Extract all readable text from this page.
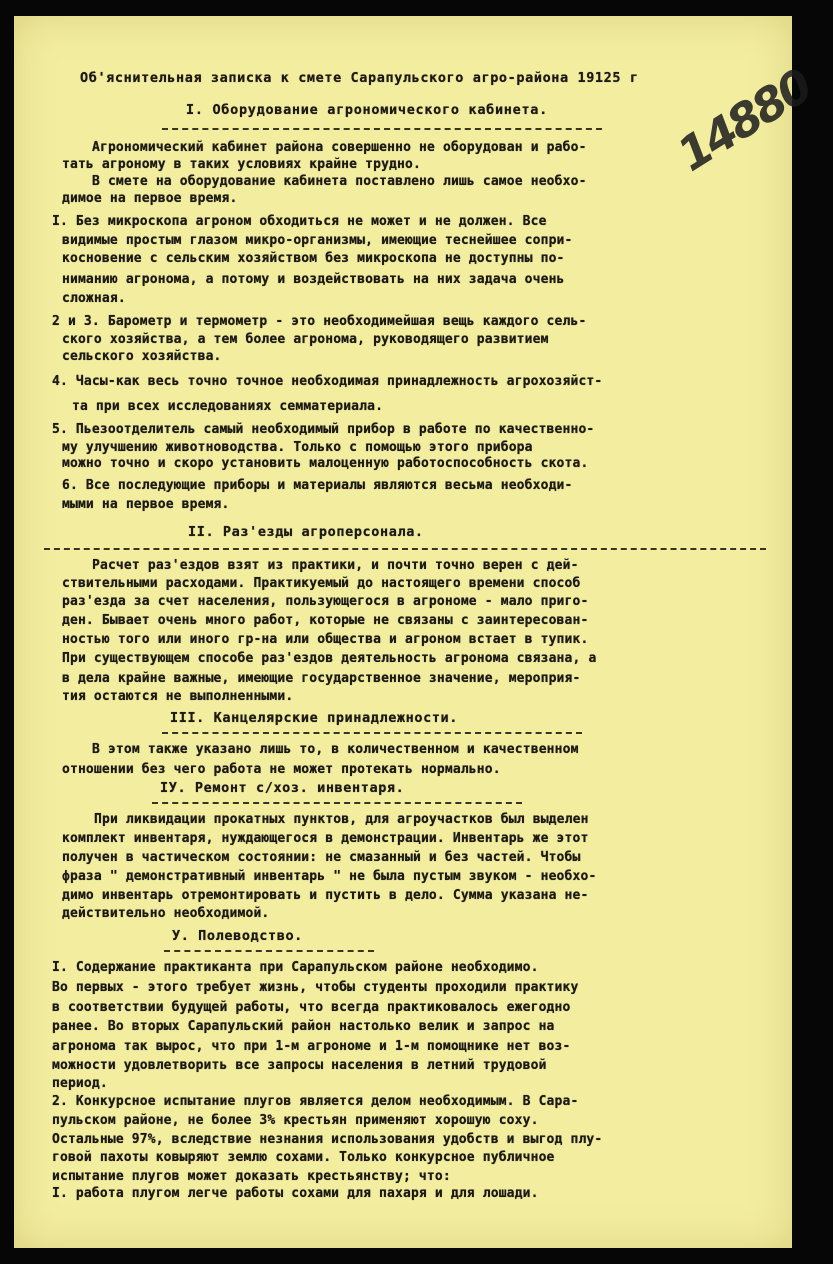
14880
Об'яснительная записка к смете Сарапульского агро-района 19125 г
I. Оборудование агрономического кабинета.
Агрономический кабинет района совершенно не оборудован и рабо-
тать агроному в таких условиях крайне трудно.
В смете на оборудование кабинета поставлено лишь самое необхо-
димое на первое время.
I. Без микроскопа агроном обходиться не может и не должен. Все
видимые простым глазом микро-организмы, имеющие теснейшее сопри-
косновение с сельским хозяйством без микроскопа не доступны по-
ниманию агронома, а потому и воздействовать на них задача очень
сложная.
2 и 3. Барометр и термометр - это необходимейшая вещь каждого сель-
ского хозяйства, а тем более агронома, руководящего развитием
сельского хозяйства.
4. Часы-как весь точно точное необходимая принадлежность агрохозяйст-
та при всех исследованиях семматериала.
5. Пьезоотделитель самый необходимый прибор в работе по качественно-
му улучшению животноводства. Только с помощью этого прибора
можно точно и скоро установить малоценную работоспособность скота.
6. Все последующие приборы и материалы являются весьма необходи-
мыми на первое время.
II. Раз'езды агроперсонала.
Расчет раз'ездов взят из практики, и почти точно верен с дей-
ствительными расходами. Практикуемый до настоящего времени способ
раз'езда за счет населения, пользующегося в агрономе - мало приго-
ден. Бывает очень много работ, которые не связаны с заинтересован-
ностью того или иного гр-на или общества и агроном встает в тупик.
При существующем способе раз'ездов деятельность агронома связана, а
в дела крайне важные, имеющие государственное значение, мероприя-
тия остаются не выполненными.
III. Канцелярские принадлежности.
В этом также указано лишь то, в количественном и качественном
отношении без чего работа не может протекать нормально.
IУ. Ремонт с/хоз. инвентаря.
При ликвидации прокатных пунктов, для агроучастков был выделен
комплект инвентаря, нуждающегося в демонстрации. Инвентарь же этот
получен в частическом состоянии: не смазанный и без частей. Чтобы
фраза " демонстративный инвентарь " не была пустым звуком - необхо-
димо инвентарь отремонтировать и пустить в дело. Сумма указана не-
действительно необходимой.
У. Полеводство.
I. Содержание практиканта при Сарапульском районе необходимо.
Во первых - этого требует жизнь, чтобы студенты проходили практику
в соответствии будущей работы, что всегда практиковалось ежегодно
ранее. Во вторых Сарапульский район настолько велик и запрос на
агронома так вырос, что при 1-м агрономе и 1-м помощнике нет воз-
можности удовлетворить все запросы населения в летний трудовой
период.
2. Конкурсное испытание плугов является делом необходимым. В Сара-
пульском районе, не более 3% крестьян применяют хорошую соху.
Остальные 97%, вследствие незнания использования удобств и выгод плу-
говой пахоты ковыряют землю сохами. Только конкурсное публичное
испытание плугов может доказать крестьянству; что:
I. работа плугом легче работы сохами для пахаря и для лошади.
